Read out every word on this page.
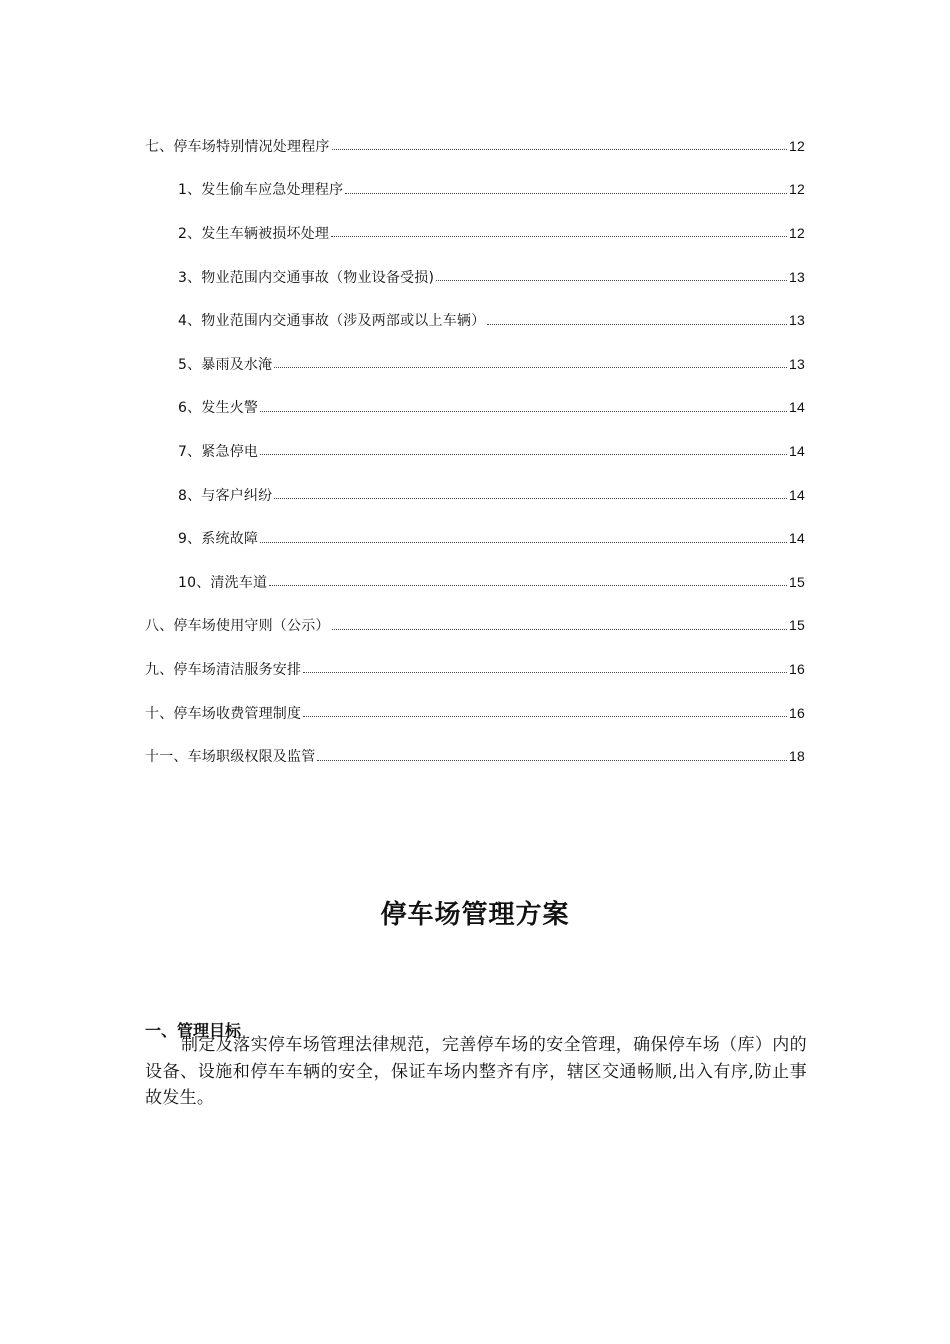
七、停车场特别情况处理程序	12
1、发生偷车应急处理程序	12
2、发生车辆被损坏处理	12
3、物业范围内交通事故（物业设备受损)	13
4、物业范围内交通事故（涉及两部或以上车辆）	13
5、暴雨及水淹	13
6、发生火警	14
7、紧急停电	14
8、与客户纠纷	14
9、系统故障	14
10、清洗车道	15
八、停车场使用守则（公示）	15
九、停车场清洁服务安排	16
十、停车场收费管理制度	16
十一、车场职级权限及监管	18
停车场管理方案
一、管理目标
制定及落实停车场管理法律规范，完善停车场的安全管理，确保停车场（库）内的设备、设施和停车车辆的安全，保证车场内整齐有序，辖区交通畅顺,出入有序,防止事故发生。
